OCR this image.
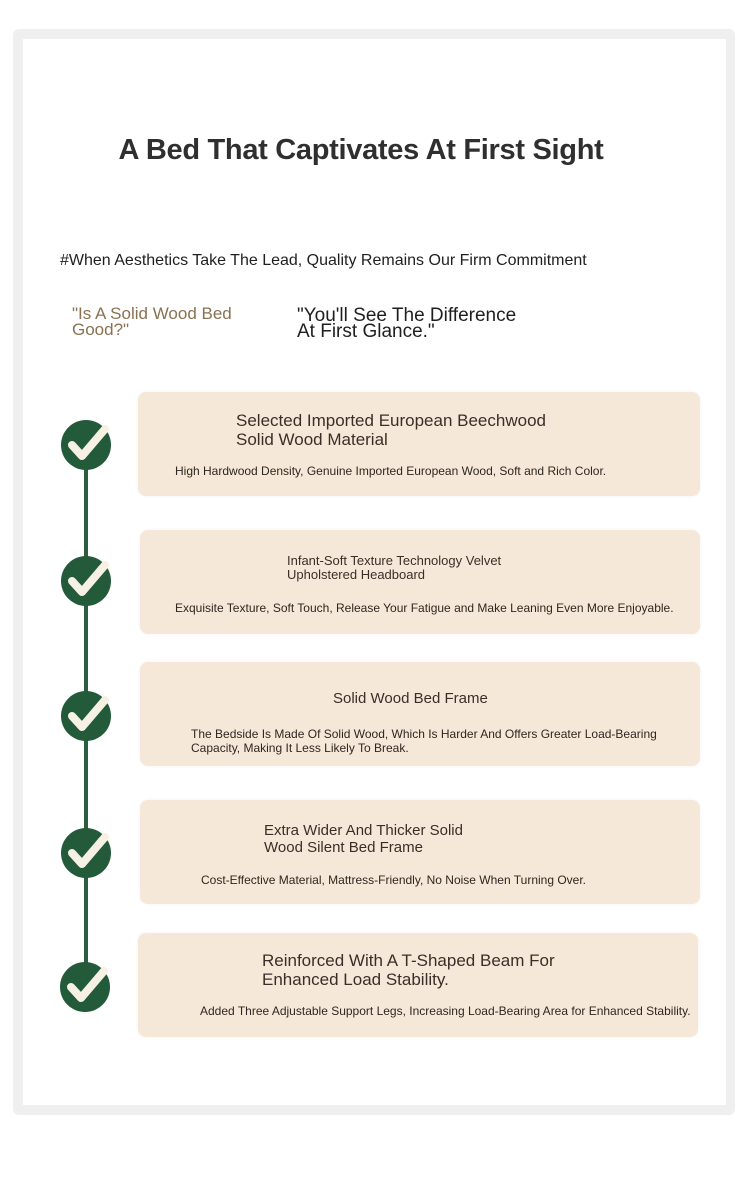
A Bed That Captivates At First Sight
#When Aesthetics Take The Lead, Quality Remains Our Firm Commitment
"Is A Solid Wood Bed
Good?"
"You'll See The Difference
At First Glance."
Selected Imported European Beechwood
Solid Wood Material
High Hardwood Density, Genuine Imported European Wood, Soft and Rich Color.
Infant-Soft Texture Technology Velvet
Upholstered Headboard
Exquisite Texture, Soft Touch, Release Your Fatigue and Make Leaning Even More Enjoyable.
Solid Wood Bed Frame
The Bedside Is Made Of Solid Wood, Which Is Harder And Offers Greater Load-Bearing
Capacity, Making It Less Likely To Break.
Extra Wider And Thicker Solid
Wood Silent Bed Frame
Cost-Effective Material, Mattress-Friendly, No Noise When Turning Over.
Reinforced With A T-Shaped Beam For
Enhanced Load Stability.
Added Three Adjustable Support Legs, Increasing Load-Bearing Area for Enhanced Stability.
